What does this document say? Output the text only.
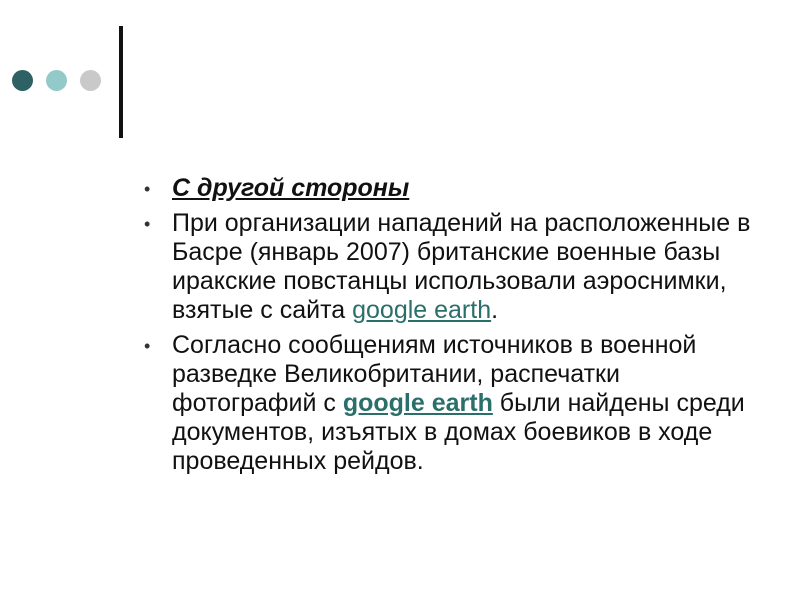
• С другой стороны
• При организации нападений на расположенные в Басре (январь 2007) британские военные базы иракские повстанцы использовали аэроснимки, взятые с сайта google earth.
• Согласно сообщениям источников в военной разведке Великобритании, распечатки фотографий с google earth были найдены среди документов, изъятых в домах боевиков в ходе проведенных рейдов.
